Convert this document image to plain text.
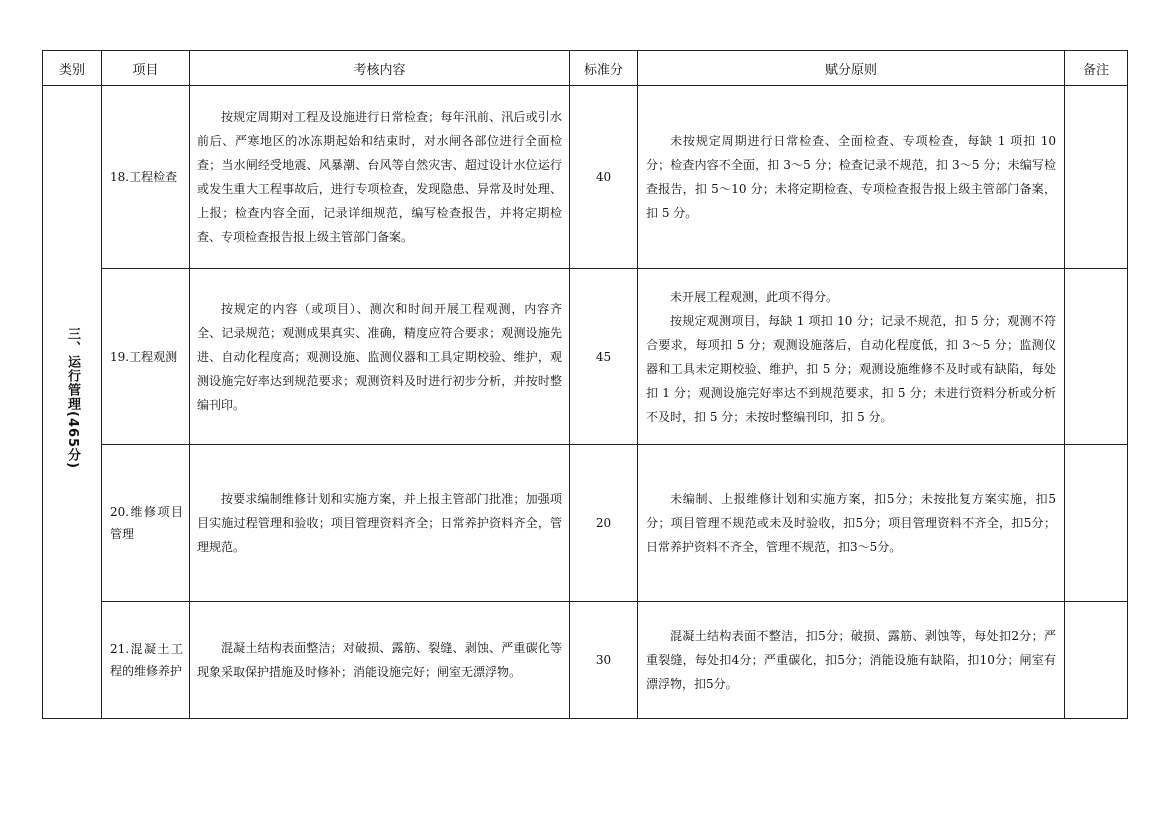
类别	项目	考核内容	标准分	赋分原则	备注
三、运行管理(465分)	18.工程检查	按规定周期对工程及设施进行日常检查；每年汛前、汛后或引水前后、严寒地区的冰冻期起始和结束时，对水闸各部位进行全面检查；当水闸经受地震、风暴潮、台风等自然灾害、超过设计水位运行或发生重大工程事故后，进行专项检查，发现隐患、异常及时处理、上报；检查内容全面，记录详细规范，编写检查报告，并将定期检查、专项检查报告报上级主管部门备案。	40	未按规定周期进行日常检查、全面检查、专项检查，每缺 1 项扣 10 分；检查内容不全面，扣 3～5 分；检查记录不规范，扣 3～5 分；未编写检查报告，扣 5～10 分；未将定期检查、专项检查报告报上级主管部门备案，扣 5 分。	

	19.工程观测	按规定的内容（或项目）、测次和时间开展工程观测，内容齐全、记录规范；观测成果真实、准确，精度应符合要求；观测设施先进、自动化程度高；观测设施、监测仪器和工具定期校验、维护，观测设施完好率达到规范要求；观测资料及时进行初步分析，并按时整编刊印。	45	未开展工程观测，此项不得分。

按规定观测项目，每缺 1 项扣 10 分；记录不规范，扣 5 分；观测不符合要求，每项扣 5 分；观测设施落后，自动化程度低，扣 3～5 分；监测仪器和工具未定期校验、维护，扣 5 分；观测设施维修不及时或有缺陷，每处扣 1 分；观测设施完好率达不到规范要求，扣 5 分；未进行资料分析或分析不及时，扣 5 分；未按时整编刊印，扣 5 分。	

	20.维修项目管理	按要求编制维修计划和实施方案，并上报主管部门批准；加强项目实施过程管理和验收；项目管理资料齐全；日常养护资料齐全，管理规范。	20	未编制、上报维修计划和实施方案，扣5分；未按批复方案实施，扣5分；项目管理不规范或未及时验收，扣5分；项目管理资料不齐全，扣5分；日常养护资料不齐全，管理不规范，扣3～5分。	

	21.混凝土工程的维修养护	混凝土结构表面整洁；对破损、露筋、裂缝、剥蚀、严重碳化等现象采取保护措施及时修补；消能设施完好；闸室无漂浮物。	30	混凝土结构表面不整洁，扣5分；破损、露筋、剥蚀等，每处扣2分；严重裂缝，每处扣4分；严重碳化，扣5分；消能设施有缺陷，扣10分；闸室有漂浮物，扣5分。	
